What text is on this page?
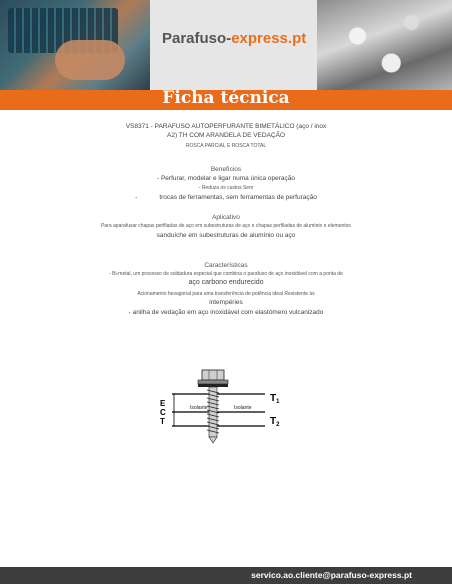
Parafuso-express.pt
Ficha técnica
VS8371 - PARAFUSO AUTOPERFURANTE BIMETÁLICO (aço / inox
A2) TH COM ARANDELA DE VEDAÇÃO
ROSCA PARCIAL E ROSCA TOTAL
Benefícios
- Perfurar, modelar e ligar numa única operação
- Reduza os custos Sem
-	trocas de ferramentas, sem ferramentas de perfuração
Aplicativo
Para aparafusar chapas perfiladas de aço em subestruturas de aço e chapas perfiladas de alumínio e elementos
sanduíche em subestruturas de alumínio ou aço
Características
- Bi-metal, um processo de soldadura especial que combina o parafuso de aço inoxidável com a ponta de
aço carbono endurecido
Acionamento hexagonal para uma transferência de potência ideal Resistente às
intempéries
- anilha de vedação em aço inoxidável com elastómero vulcanizado
E
C
T
Isolante	Isolante
$T_1$
$T_2$
servico.ao.cliente@parafuso-express.pt
